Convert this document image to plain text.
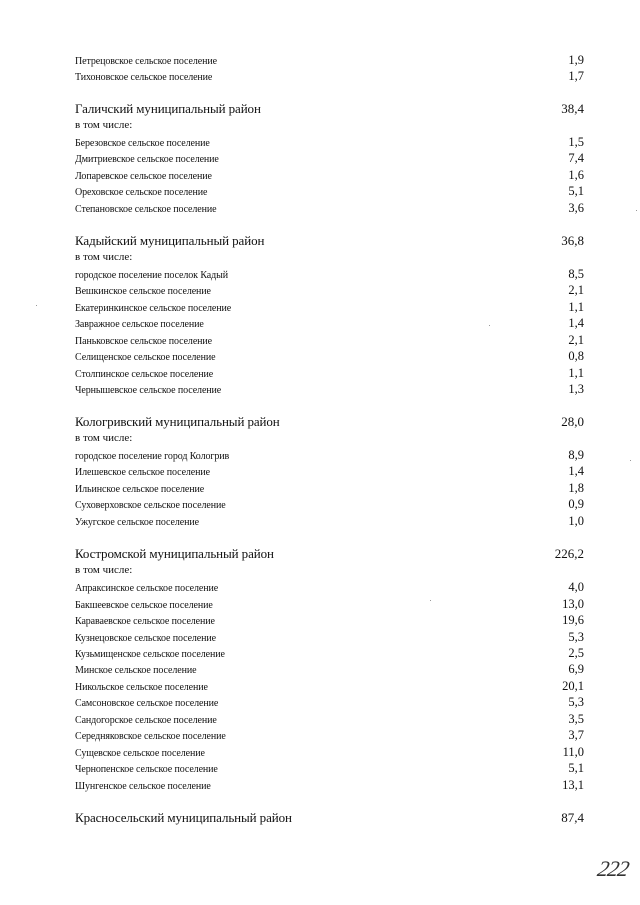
Петрецовское сельское поселение	1,9
Тихоновское сельское поселение	1,7
Галичский муниципальный район	38,4
в том числе:
Березовское сельское поселение	1,5
Дмитриевское сельское поселение	7,4
Лопаревское сельское поселение	1,6
Ореховское сельское поселение	5,1
Степановское сельское поселение	3,6
Кадыйский муниципальный район	36,8
в том числе:
городское поселение поселок Кадый	8,5
Вешкинское сельское поселение	2,1
Екатеринкинское сельское поселение	1,1
Завражное сельское поселение	1,4
Паньковское сельское поселение	2,1
Селищенское сельское поселение	0,8
Столпинское сельское поселение	1,1
Чернышевское сельское поселение	1,3
Кологривский муниципальный район	28,0
в том числе:
городское поселение город Кологрив	8,9
Илешевское сельское поселение	1,4
Ильинское сельское поселение	1,8
Суховерховское сельское поселение	0,9
Ужугское сельское поселение	1,0
Костромской муниципальный район	226,2
в том числе:
Апраксинское сельское поселение	4,0
Бакшеевское сельское поселение	13,0
Караваевское сельское поселение	19,6
Кузнецовское сельское поселение	5,3
Кузьмищенское сельское поселение	2,5
Минское сельское поселение	6,9
Никольское сельское поселение	20,1
Самсоновское сельское поселение	5,3
Сандогорское сельское поселение	3,5
Середняковское сельское поселение	3,7
Сущевское сельское поселение	11,0
Чернопенское сельское поселение	5,1
Шунгенское сельское поселение	13,1
Красносельский муниципальный район	87,4
222
